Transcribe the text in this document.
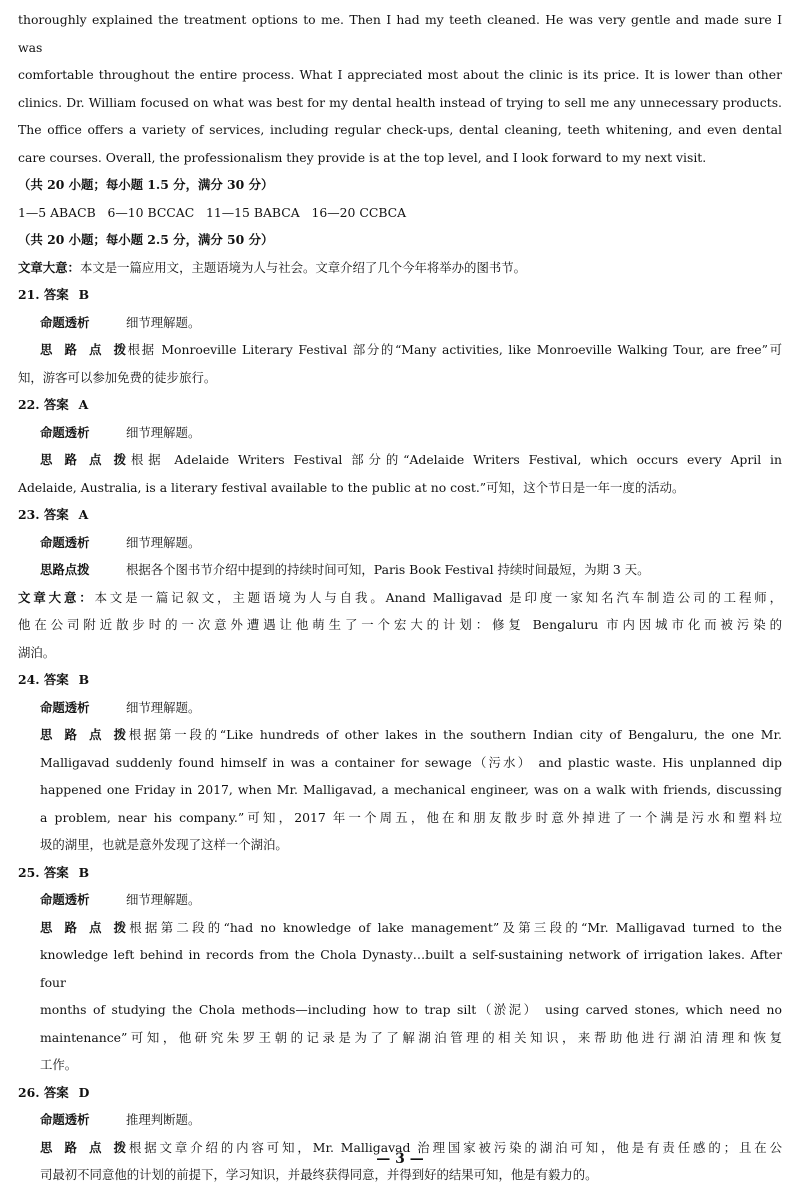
thoroughly explained the treatment options to me. Then I had my teeth cleaned. He was very gentle and made sure I was

comfortable throughout the entire process. What I appreciated most about the clinic is its price. It is lower than other

clinics. Dr. William focused on what was best for my dental health instead of trying to sell me any unnecessary products.

The office offers a variety of services, including regular check-ups, dental cleaning, teeth whitening, and even dental

care courses. Overall, the professionalism they provide is at the top level, and I look forward to my next visit.

（共 20 小题；每小题 1.5 分，满分 30 分）

1—5 ABACB   6—10 BCCAC   11—15 BABCA   16—20 CCBCA

（共 20 小题；每小题 2.5 分，满分 50 分）

文章大意：本文是一篇应用文，主题语境为人与社会。文章介绍了几个今年将举办的图书节。

21. 答案 B

命题透析	细节理解题。

思路点拨根据 Monroeville Literary Festival 部分的“Many activities, like Monroeville Walking Tour, are free”可

知，游客可以参加免费的徒步旅行。

22. 答案 A

命题透析	细节理解题。

思路点拨根据 Adelaide Writers Festival 部分的“Adelaide Writers Festival, which occurs every April in

Adelaide, Australia, is a literary festival available to the public at no cost.”可知，这个节日是一年一度的活动。

23. 答案 A

命题透析	细节理解题。

思路点拨	根据各个图书节介绍中提到的持续时间可知，Paris Book Festival 持续时间最短，为期 3 天。

文章大意：本文是一篇记叙文，主题语境为人与自我。Anand Malligavad 是印度一家知名汽车制造公司的工程师，

他在公司附近散步时的一次意外遭遇让他萌生了一个宏大的计划：修复 Bengaluru 市内因城市化而被污染的

湖泊。

24. 答案 B

命题透析	细节理解题。

思路点拨根据第一段的“Like hundreds of other lakes in the southern Indian city of Bengaluru, the one Mr.

Malligavad suddenly found himself in was a container for sewage（污水） and plastic waste. His unplanned dip

happened one Friday in 2017, when Mr. Malligavad, a mechanical engineer, was on a walk with friends, discussing

a problem, near his company.”可知，2017 年一个周五，他在和朋友散步时意外掉进了一个满是污水和塑料垃

圾的湖里，也就是意外发现了这样一个湖泊。

25. 答案 B

命题透析	细节理解题。

思路点拨根据第二段的“had no knowledge of lake management”及第三段的“Mr. Malligavad turned to the

knowledge left behind in records from the Chola Dynasty…built a self-sustaining network of irrigation lakes. After four

months of studying the Chola methods—including how to trap silt（淤泥） using carved stones, which need no

maintenance”可知，他研究朱罗王朝的记录是为了了解湖泊管理的相关知识，来帮助他进行湖泊清理和恢复

工作。

26. 答案 D

命题透析	推理判断题。

思路点拨根据文章介绍的内容可知，Mr. Malligavad 治理国家被污染的湖泊可知，他是有责任感的；且在公

司最初不同意他的计划的前提下，学习知识，并最终获得同意，并得到好的结果可知，他是有毅力的。

— 3 —
